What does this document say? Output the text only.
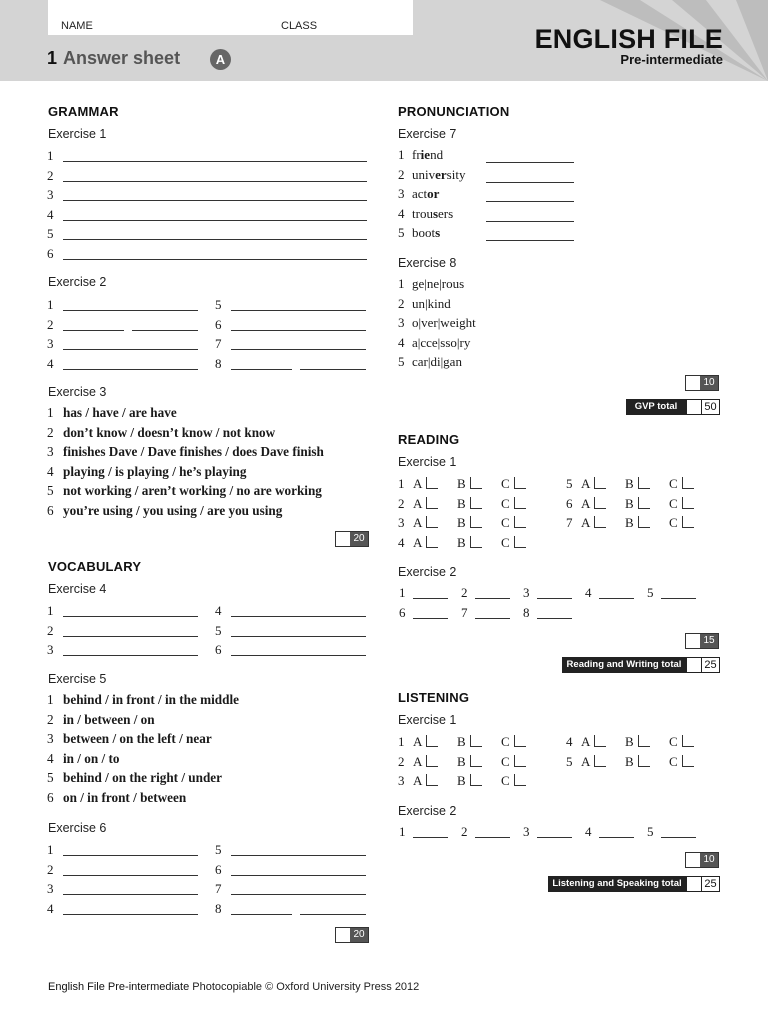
NAME	CLASS
1 Answer sheet	A
ENGLISH FILE
Pre-intermediate
GRAMMAR
Exercise 1
1
2
3
4
5
6
Exercise 2
1
2
3
4
5
6
7
8
Exercise 3
1 has / have / are have
2 don’t know / doesn’t know / not know
3 finishes Dave / Dave finishes / does Dave finish
4 playing / is playing / he’s playing
5 not working / aren’t working / no are working
6 you’re using / you using / are you using
20
VOCABULARY
Exercise 4
1
2
3
4
5
6
Exercise 5
1 behind / in front / in the middle
2 in / between / on
3 between / on the left / near
4 in / on / to
5 behind / on the right / under
6 on / in front / between
Exercise 6
1
2
3
4
5
6
7
8
20
PRONUNCIATION
Exercise 7
1 friend
2 university
3 actor
4 trousers
5 boots
Exercise 8
1 ge|ne|rous
2 un|kind
3 o|ver|weight
4 a|cce|sso|ry
5 car|di|gan
10
GVP total	50
READING
Exercise 1
1 A	B	C
2 A	B	C
3 A	B	C
4 A	B	C
5 A	B	C
6 A	B	C
7 A	B	C
Exercise 2
1	2	3	4	5
6	7	8
15
Reading and Writing total	25
LISTENING
Exercise 1
1 A	B	C
2 A	B	C
3 A	B	C
4 A	B	C
5 A	B	C
Exercise 2
1	2	3	4	5
10
Listening and Speaking total	25
English File Pre-intermediate Photocopiable © Oxford University Press 2012
